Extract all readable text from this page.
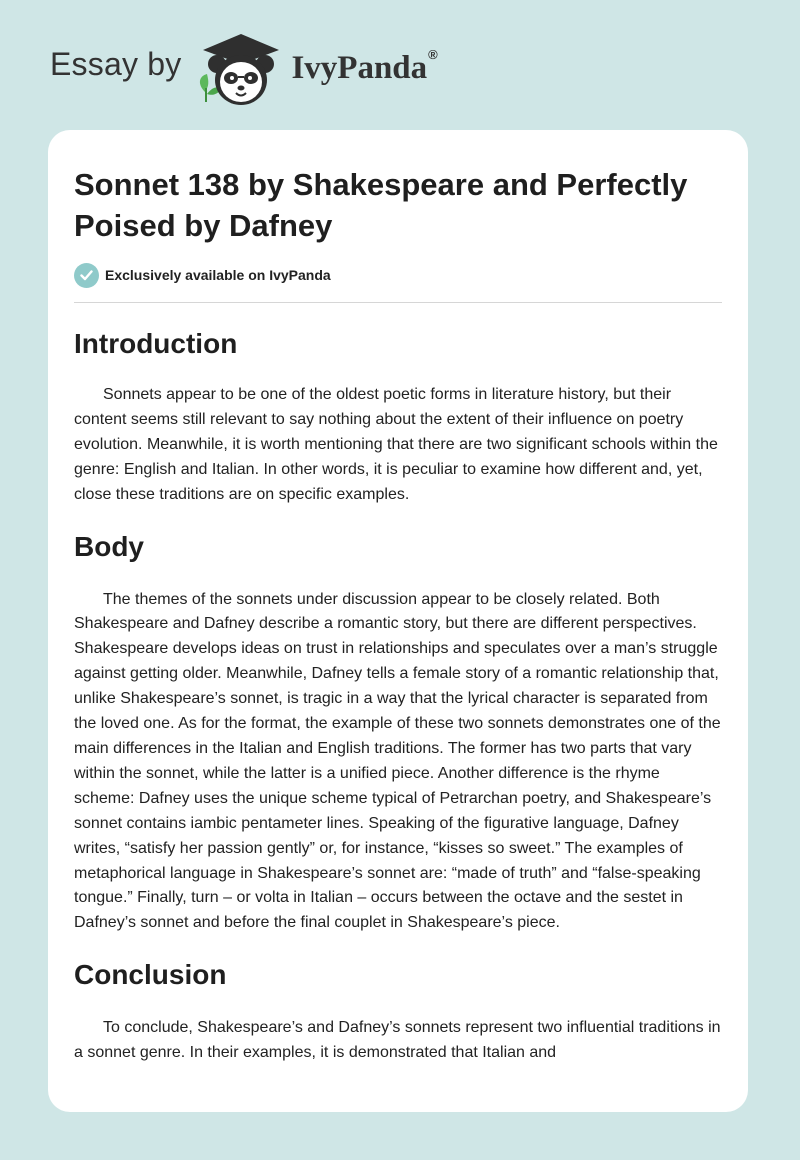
Essay by	IvyPanda ®
Sonnet 138 by Shakespeare and Perfectly Poised by Dafney
Exclusively available on IvyPanda
Introduction

Sonnets appear to be one of the oldest poetic forms in literature history, but their content seems still relevant to say nothing about the extent of their influence on poetry evolution. Meanwhile, it is worth mentioning that there are two significant schools within the genre: English and Italian. In other words, it is peculiar to examine how different and, yet, close these traditions are on specific examples.

Body

The themes of the sonnets under discussion appear to be closely related. Both Shakespeare and Dafney describe a romantic story, but there are different perspectives. Shakespeare develops ideas on trust in relationships and speculates over a man’s struggle against getting older. Meanwhile, Dafney tells a female story of a romantic relationship that, unlike Shakespeare’s sonnet, is tragic in a way that the lyrical character is separated from the loved one. As for the format, the example of these two sonnets demonstrates one of the main differences in the Italian and English traditions. The former has two parts that vary within the sonnet, while the latter is a unified piece. Another difference is the rhyme scheme: Dafney uses the unique scheme typical of Petrarchan poetry, and Shakespeare’s sonnet contains iambic pentameter lines. Speaking of the figurative language, Dafney writes, “satisfy her passion gently” or, for instance, “kisses so sweet.” The examples of metaphorical language in Shakespeare’s sonnet are: “made of truth” and “false-speaking tongue.” Finally, turn – or volta in Italian – occurs between the octave and the sestet in Dafney’s sonnet and before the final couplet in Shakespeare’s piece.

Conclusion

To conclude, Shakespeare’s and Dafney’s sonnets represent two influential traditions in a sonnet genre. In their examples, it is demonstrated that Italian and
